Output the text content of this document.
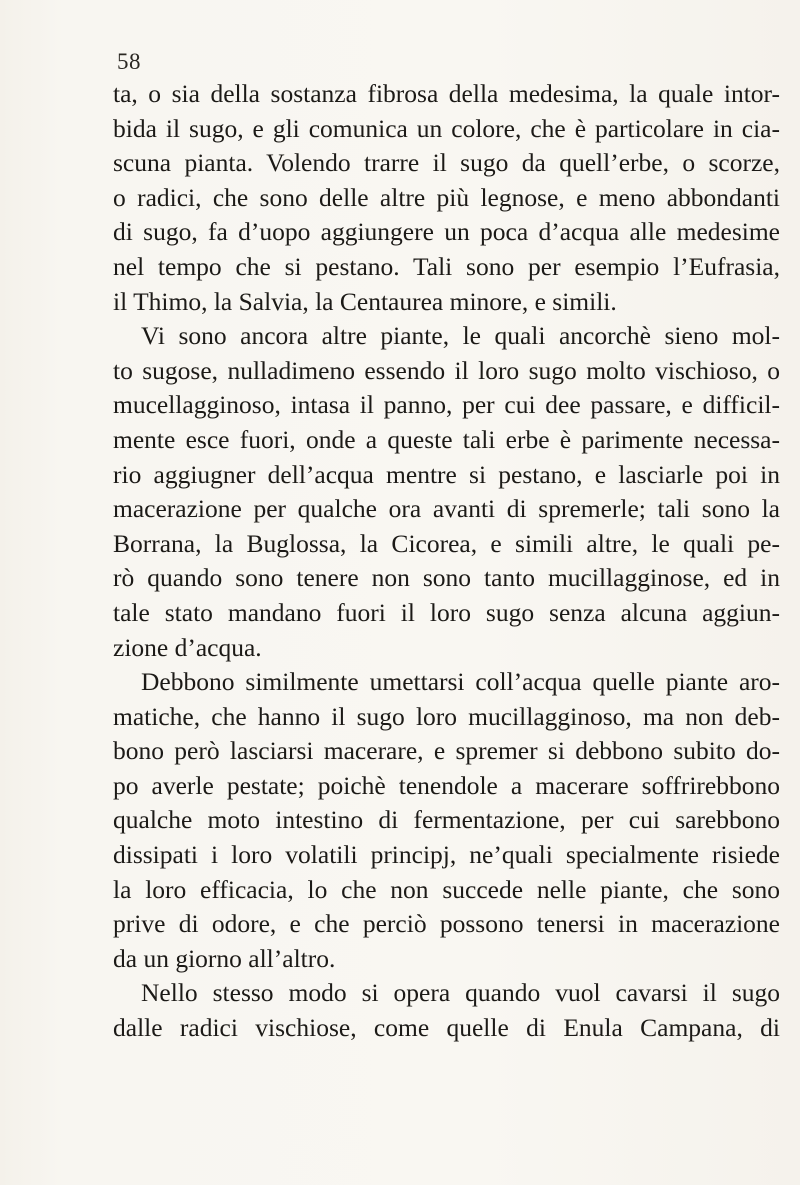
58
ta, o sia della sostanza fibrosa della medesima, la quale intor-
bida il sugo, e gli comunica un colore, che è particolare in cia-
scuna pianta. Volendo trarre il sugo da quell’erbe, o scorze,
o radici, che sono delle altre più legnose, e meno abbondanti
di sugo, fa d’uopo aggiungere un poca d’acqua alle medesime
nel tempo che si pestano. Tali sono per esempio l’Eufrasia,
il Thimo, la Salvia, la Centaurea minore, e simili.
Vi sono ancora altre piante, le quali ancorchè sieno mol-
to sugose, nulladimeno essendo il loro sugo molto vischioso, o
mucellagginoso, intasa il panno, per cui dee passare, e difficil-
mente esce fuori, onde a queste tali erbe è parimente necessa-
rio aggiugner dell’acqua mentre si pestano, e lasciarle poi in
macerazione per qualche ora avanti di spremerle; tali sono la
Borrana, la Buglossa, la Cicorea, e simili altre, le quali pe-
rò quando sono tenere non sono tanto mucillagginose, ed in
tale stato mandano fuori il loro sugo senza alcuna aggiun-
zione d’acqua.
Debbono similmente umettarsi coll’acqua quelle piante aro-
matiche, che hanno il sugo loro mucillagginoso, ma non deb-
bono però lasciarsi macerare, e spremer si debbono subito do-
po averle pestate; poichè tenendole a macerare soffrirebbono
qualche moto intestino di fermentazione, per cui sarebbono
dissipati i loro volatili principj, ne’quali specialmente risiede
la loro efficacia, lo che non succede nelle piante, che sono
prive di odore, e che perciò possono tenersi in macerazione
da un giorno all’altro.
Nello stesso modo si opera quando vuol cavarsi il sugo
dalle radici vischiose, come quelle di Enula Campana, di
